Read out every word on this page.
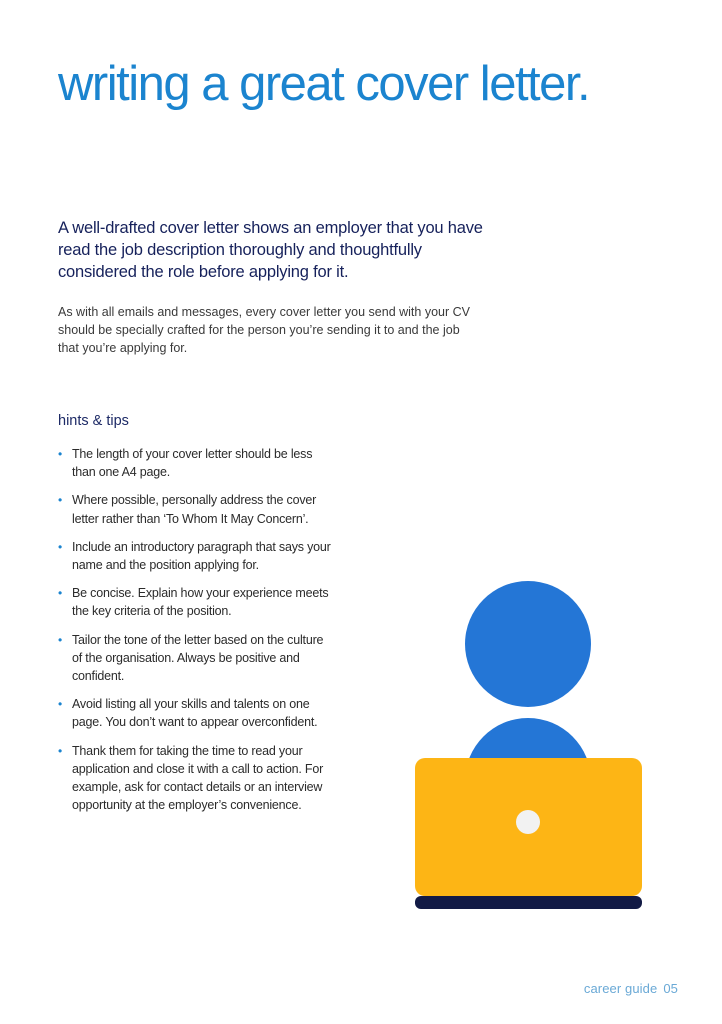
writing a great cover letter.

A well-drafted cover letter shows an employer that you have read the job description thoroughly and thoughtfully considered the role before applying for it.

As with all emails and messages, every cover letter you send with your CV should be specially crafted for the person you’re sending it to and the job that you’re applying for.

hints & tips
• The length of your cover letter should be less than one A4 page.
• Where possible, personally address the cover letter rather than ‘To Whom It May Concern’.
• Include an introductory paragraph that says your name and the position applying for.
• Be concise. Explain how your experience meets the key criteria of the position.
• Tailor the tone of the letter based on the culture of the organisation. Always be positive and confident.
• Avoid listing all your skills and talents on one page. You don’t want to appear overconfident.
• Thank them for taking the time to read your application and close it with a call to action. For example, ask for contact details or an interview opportunity at the employer’s convenience.
career guide 05
